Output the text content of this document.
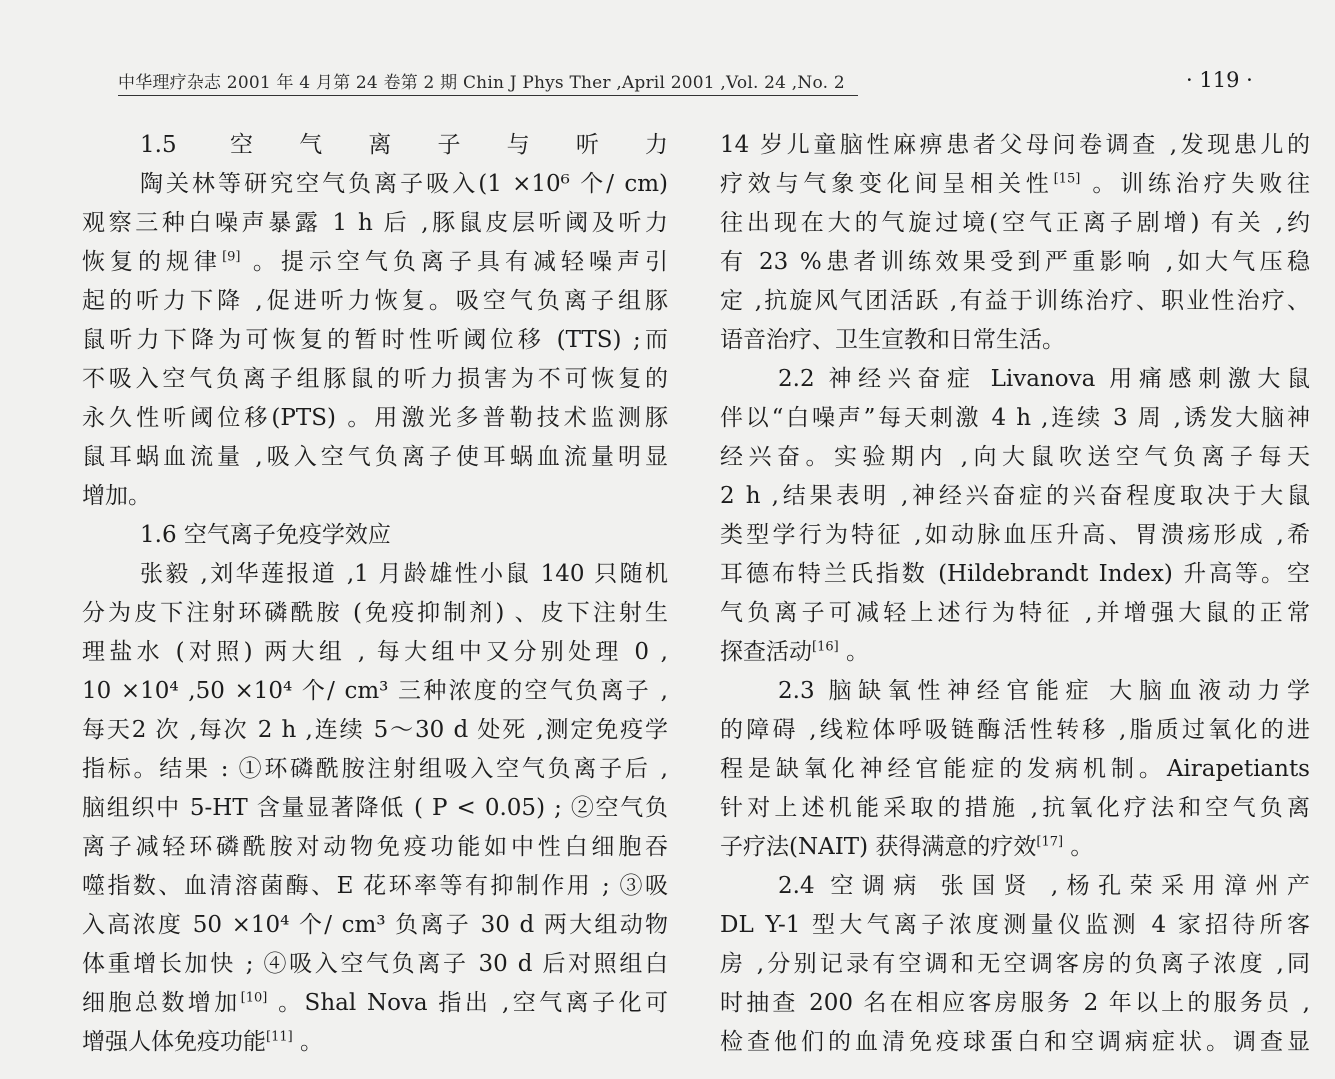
中华理疗杂志 2001 年 4 月第 24 卷第 2 期 Chin J Phys Ther ,April 2001 ,Vol. 24 ,No. 2	· 119 ·
1.5 空气离子与听力
陶关林等研究空气负离子吸入(1 ×10⁶ 个/ cm)
观察三种白噪声暴露 1 h 后 ,豚鼠皮层听阈及听力
恢复的规律[9] 。提示空气负离子具有减轻噪声引
起的听力下降 ,促进听力恢复。吸空气负离子组豚
鼠听力下降为可恢复的暂时性听阈位移 (TTS) ;而
不吸入空气负离子组豚鼠的听力损害为不可恢复的
永久性听阈位移(PTS) 。用激光多普勒技术监测豚
鼠耳蜗血流量 ,吸入空气负离子使耳蜗血流量明显
增加。
1.6 空气离子免疫学效应
张毅 ,刘华莲报道 ,1 月龄雄性小鼠 140 只随机
分为皮下注射环磷酰胺 (免疫抑制剂) 、皮下注射生
理盐水 (对照) 两大组 , 每大组中又分别处理 0 ,
10 ×10⁴ ,50 ×10⁴ 个/ cm³ 三种浓度的空气负离子 ,
每天2 次 ,每次 2 h ,连续 5～30 d 处死 ,测定免疫学
指标。结果 : ①环磷酰胺注射组吸入空气负离子后 ,
脑组织中 5-HT 含量显著降低 ( P < 0.05) ; ②空气负
离子减轻环磷酰胺对动物免疫功能如中性白细胞吞
噬指数、血清溶菌酶、E 花环率等有抑制作用 ; ③吸
入高浓度 50 ×10⁴ 个/ cm³ 负离子 30 d 两大组动物
体重增长加快 ; ④吸入空气负离子 30 d 后对照组白
细胞总数增加[10] 。Shal Nova 指出 ,空气离子化可
增强人体免疫功能[11] 。
14 岁儿童脑性麻痹患者父母问卷调查 ,发现患儿的
疗效与气象变化间呈相关性[15] 。训练治疗失败往
往出现在大的气旋过境(空气正离子剧增) 有关 ,约
有 23 %患者训练效果受到严重影响 ,如大气压稳
定 ,抗旋风气团活跃 ,有益于训练治疗、职业性治疗、
语音治疗、卫生宣教和日常生活。
2.2 神经兴奋症 Livanova 用痛感刺激大鼠
伴以“白噪声”每天刺激 4 h ,连续 3 周 ,诱发大脑神
经兴奋。实验期内 ,向大鼠吹送空气负离子每天
2 h ,结果表明 ,神经兴奋症的兴奋程度取决于大鼠
类型学行为特征 ,如动脉血压升高、胃溃疡形成 ,希
耳德布特兰氏指数 (Hildebrandt Index) 升高等。空
气负离子可减轻上述行为特征 ,并增强大鼠的正常
探查活动[16] 。
2.3 脑缺氧性神经官能症 大脑血液动力学
的障碍 ,线粒体呼吸链酶活性转移 ,脂质过氧化的进
程是缺氧化神经官能症的发病机制。Airapetiants
针对上述机能采取的措施 ,抗氧化疗法和空气负离
子疗法(NAIT) 获得满意的疗效[17] 。
2.4 空调病 张国贤 ,杨孔荣采用漳州产
DL Y-1 型大气离子浓度测量仪监测 4 家招待所客
房 ,分别记录有空调和无空调客房的负离子浓度 ,同
时抽查 200 名在相应客房服务 2 年以上的服务员 ,
检查他们的血清免疫球蛋白和空调病症状。调查显
